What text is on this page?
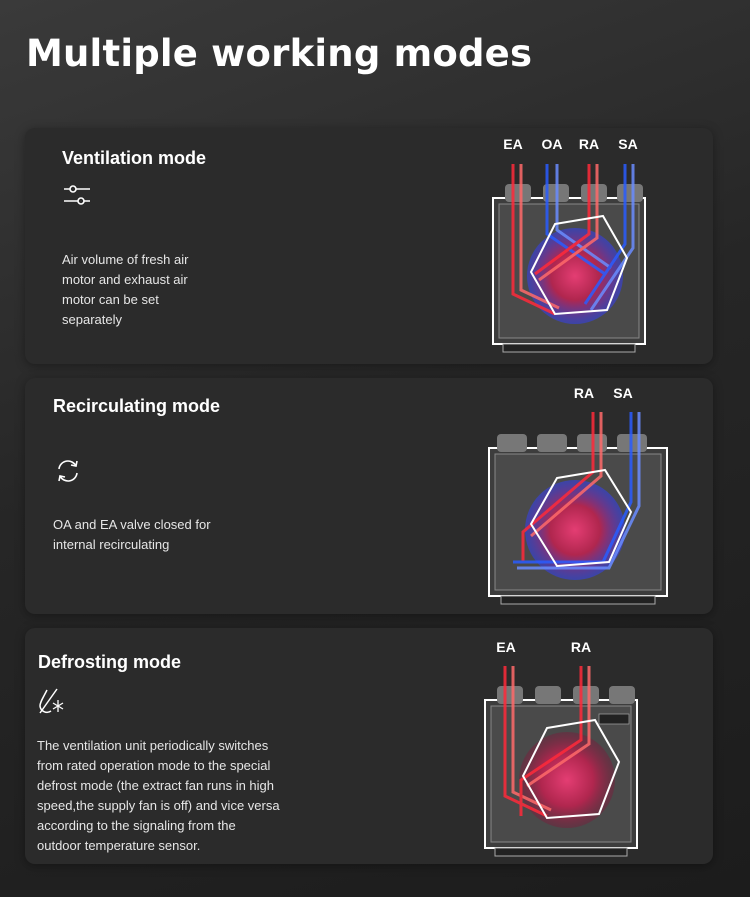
Multiple working modes
Ventilation mode
Air volume of fresh air
motor and exhaust air
motor can be set
separately
EA	OA	RA	SA
Recirculating mode
OA and EA valve closed for
internal recirculating
RA	SA
Defrosting mode
The ventilation unit periodically switches
from rated operation mode to the special
defrost mode (the extract fan runs in high
speed,the supply fan is off) and vice versa
according to the signaling from the
outdoor temperature sensor.
EA	RA
